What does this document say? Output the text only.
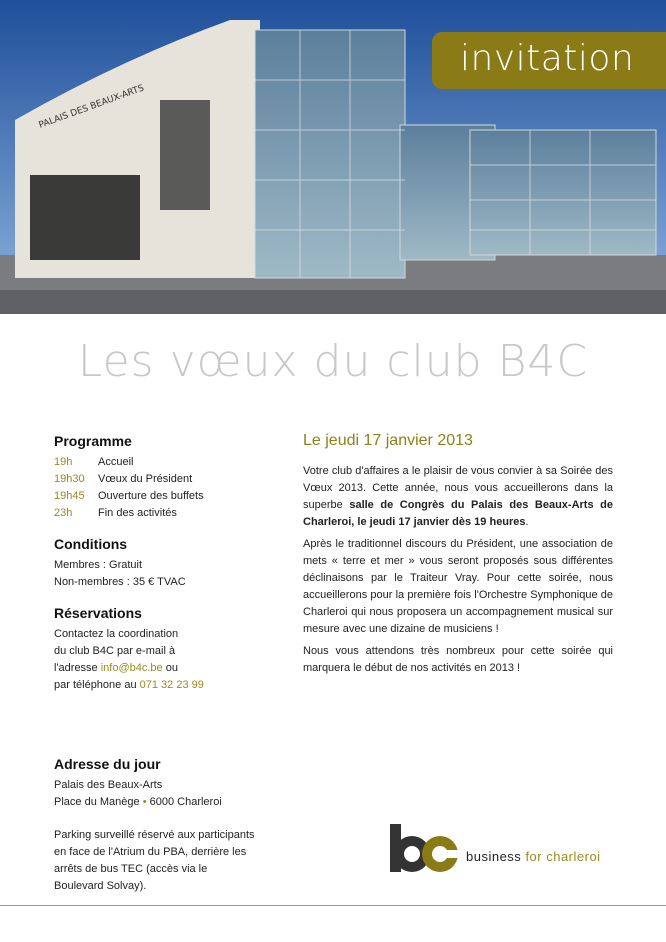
PALAIS DES BEAUX-ARTS
invitation
Les vœux du club B4C
Programme
19h	Accueil
19h30	Vœux du Président
19h45	Ouverture des buffets
23h	Fin des activités
Conditions
Membres : Gratuit
Non-membres : 35 € TVAC
Réservations
Contactez la coordination
du club B4C par e-mail à
l'adresse info@b4c.be ou
par téléphone au 071 32 23 99
Le jeudi 17 janvier 2013

Votre club d'affaires a le plaisir de vous convier à sa Soirée des Vœux 2013. Cette année, nous vous accueillerons dans la superbe salle de Congrès du Palais des Beaux-Arts de Charleroi, le jeudi 17 janvier dès 19 heures.

Après le traditionnel discours du Président, une association de mets « terre et mer » vous seront proposés sous différentes déclinaisons par le Traiteur Vray. Pour cette soirée, nous accueillerons pour la première fois l'Orchestre Symphonique de Charleroi qui nous proposera un accompagnement musical sur mesure avec une dizaine de musiciens !

Nous vous attendons très nombreux pour cette soirée qui marquera le début de nos activités en 2013 !

Adresse du jour
Palais des Beaux-Arts
Place du Manège • 6000 Charleroi
Parking surveillé réservé aux participants en face de l'Atrium du PBA, derrière les arrêts de bus TEC (accès via le Boulevard Solvay).
business for charleroi
